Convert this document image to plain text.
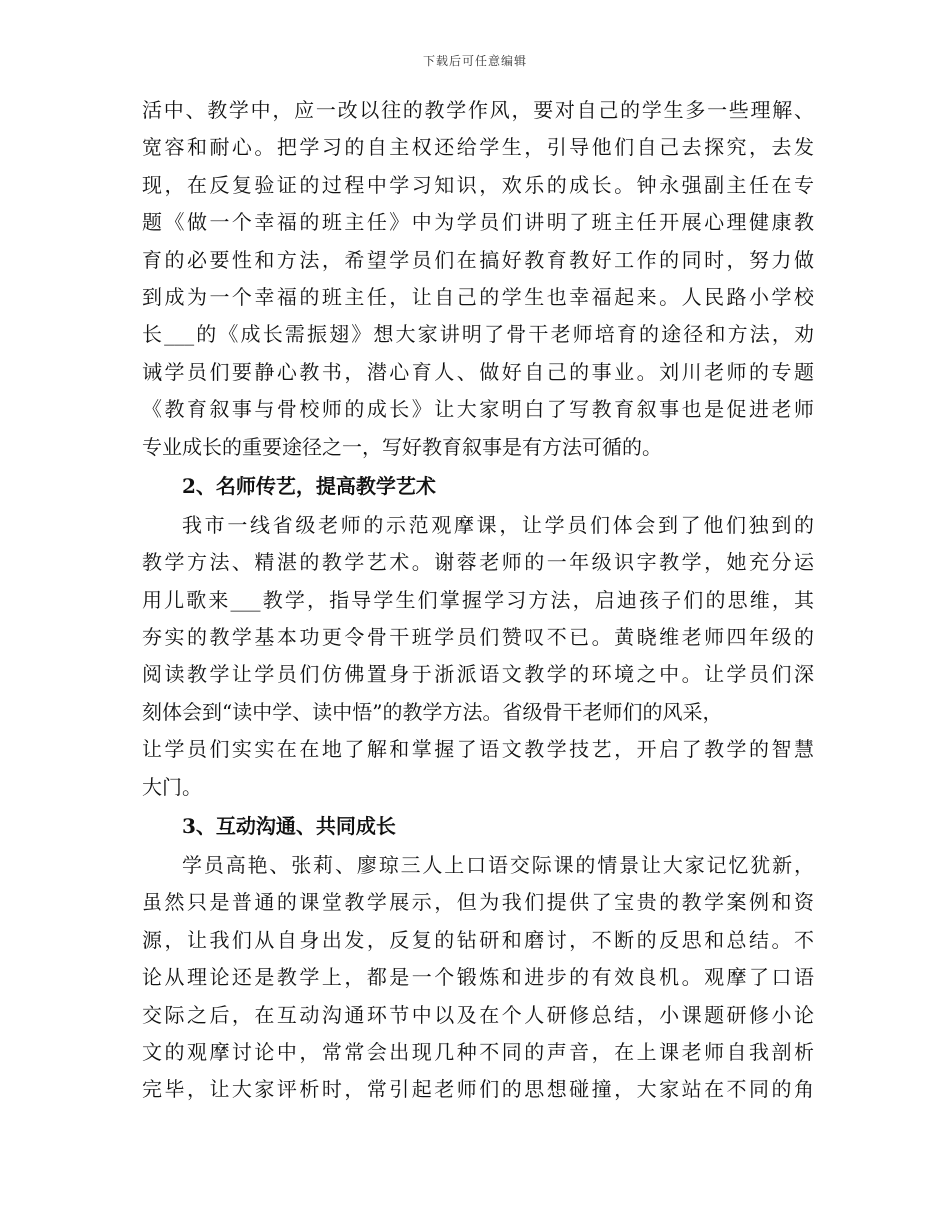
下载后可任意编辑
活中、教学中，应一改以往的教学作风，要对自己的学生多一些理解、
宽容和耐心。把学习的自主权还给学生，引导他们自己去探究，去发
现，在反复验证的过程中学习知识，欢乐的成长。钟永强副主任在专
题《做一个幸福的班主任》中为学员们讲明了班主任开展心理健康教
育的必要性和方法，希望学员们在搞好教育教好工作的同时，努力做
到成为一个幸福的班主任，让自己的学生也幸福起来。人民路小学校
长___的《成长需振翅》想大家讲明了骨干老师培育的途径和方法，劝
诫学员们要静心教书，潜心育人、做好自己的事业。刘川老师的专题
《教育叙事与骨校师的成长》让大家明白了写教育叙事也是促进老师
专业成长的重要途径之一，写好教育叙事是有方法可循的。
2、名师传艺，提高教学艺术
我市一线省级老师的示范观摩课，让学员们体会到了他们独到的
教学方法、精湛的教学艺术。谢蓉老师的一年级识字教学，她充分运
用儿歌来___教学，指导学生们掌握学习方法，启迪孩子们的思维，其
夯实的教学基本功更令骨干班学员们赞叹不已。黄晓维老师四年级的
阅读教学让学员们仿佛置身于浙派语文教学的环境之中。让学员们深
刻体会到“读中学、读中悟”的教学方法。省级骨干老师们的风采，
让学员们实实在在地了解和掌握了语文教学技艺，开启了教学的智慧
大门。
3、互动沟通、共同成长
学员高艳、张莉、廖琼三人上口语交际课的情景让大家记忆犹新，
虽然只是普通的课堂教学展示，但为我们提供了宝贵的教学案例和资
源，让我们从自身出发，反复的钻研和磨讨，不断的反思和总结。不
论从理论还是教学上，都是一个锻炼和进步的有效良机。观摩了口语
交际之后，在互动沟通环节中以及在个人研修总结，小课题研修小论
文的观摩讨论中，常常会出现几种不同的声音，在上课老师自我剖析
完毕，让大家评析时，常引起老师们的思想碰撞，大家站在不同的角
